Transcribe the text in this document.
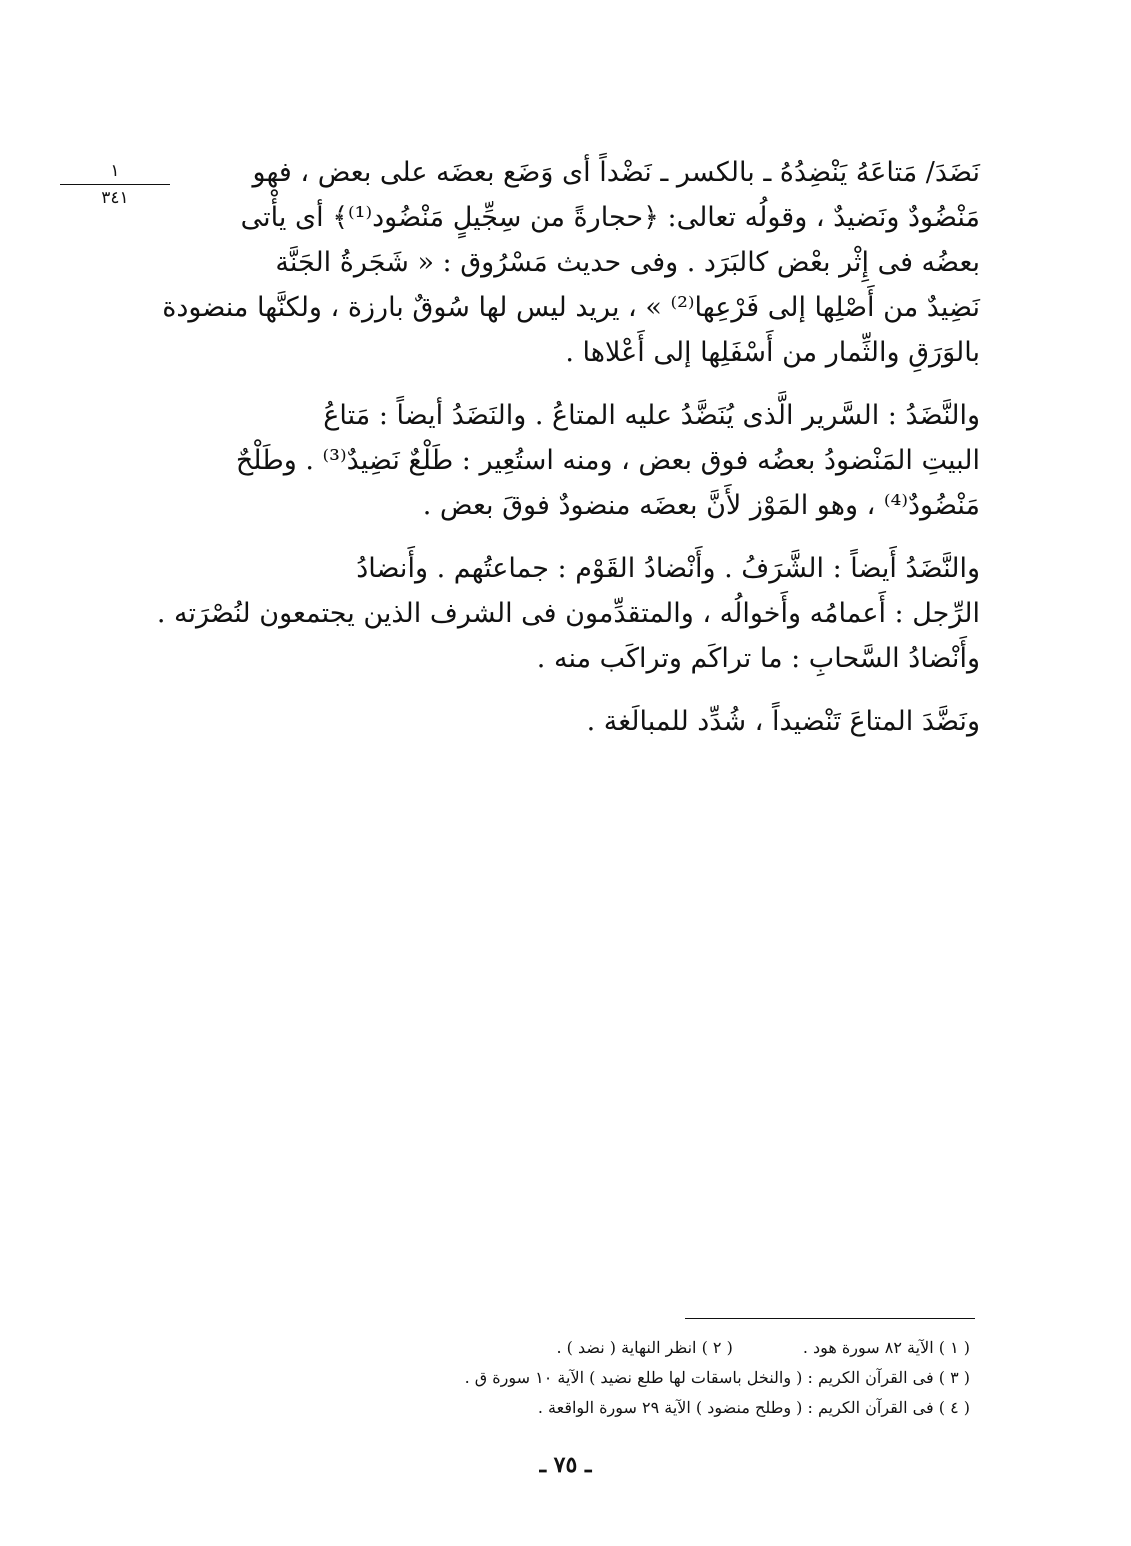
١
٣٤١

نَضَدَ/ مَتاعَهُ يَنْضِدُهُ ـ بالكسر ـ نَضْداً أى وَضَع بعضَه على بعض ، فهو
مَنْضُودٌ ونَضيدٌ ، وقولُه تعالى: ﴿حجارةً من سِجِّيلٍ مَنْضُود⁽¹⁾﴾ أى يأْتى
بعضُه فى إِثْر بعْض كالبَرَد . وفى حديث مَسْرُوق : « شَجَرةُ الجَنَّة
نَضِيدٌ من أَصْلِها إلى فَرْعِها⁽²⁾ » ، يريد ليس لها سُوقٌ بارزة ، ولكنَّها منضودة
بالوَرَقِ والثِّمار من أَسْفَلِها إلى أَعْلاها .

والنَّضَدُ : السَّرير الَّذى يُنَضَّدُ عليه المتاعُ . والنَضَدُ أيضاً : مَتاعُ
البيتِ المَنْضودُ بعضُه فوق بعض ، ومنه استُعِير : طَلْعٌ نَضِيدٌ⁽³⁾ . وطَلْحٌ
مَنْضُودٌ⁽⁴⁾ ، وهو المَوْز لأَنَّ بعضَه منضودٌ فوقَ بعض .

والنَّضَدُ أَيضاً : الشَّرَفُ . وأَنْضادُ القَوْم : جماعتُهم . وأَنضادُ
الرِّجل : أَعمامُه وأَخوالُه ، والمتقدِّمون فى الشرف الذين يجتمعون لنُصْرَته .
وأَنْضادُ السَّحابِ : ما تراكَم وتراكَب منه .

ونَضَّدَ المتاعَ تَنْضيداً ، شُدِّد للمبالَغة .

( ١ ) الآية ٨٢ سورة هود .
( ٢ ) انظر النهاية ( نضد ) .
( ٣ ) فى القرآن الكريم : ( والنخل باسقات لها طلع نضيد ) الآية ١٠ سورة ق .
( ٤ ) فى القرآن الكريم : ( وطلح منضود ) الآية ٢٩ سورة الواقعة .
ـ ٧٥ ـ
